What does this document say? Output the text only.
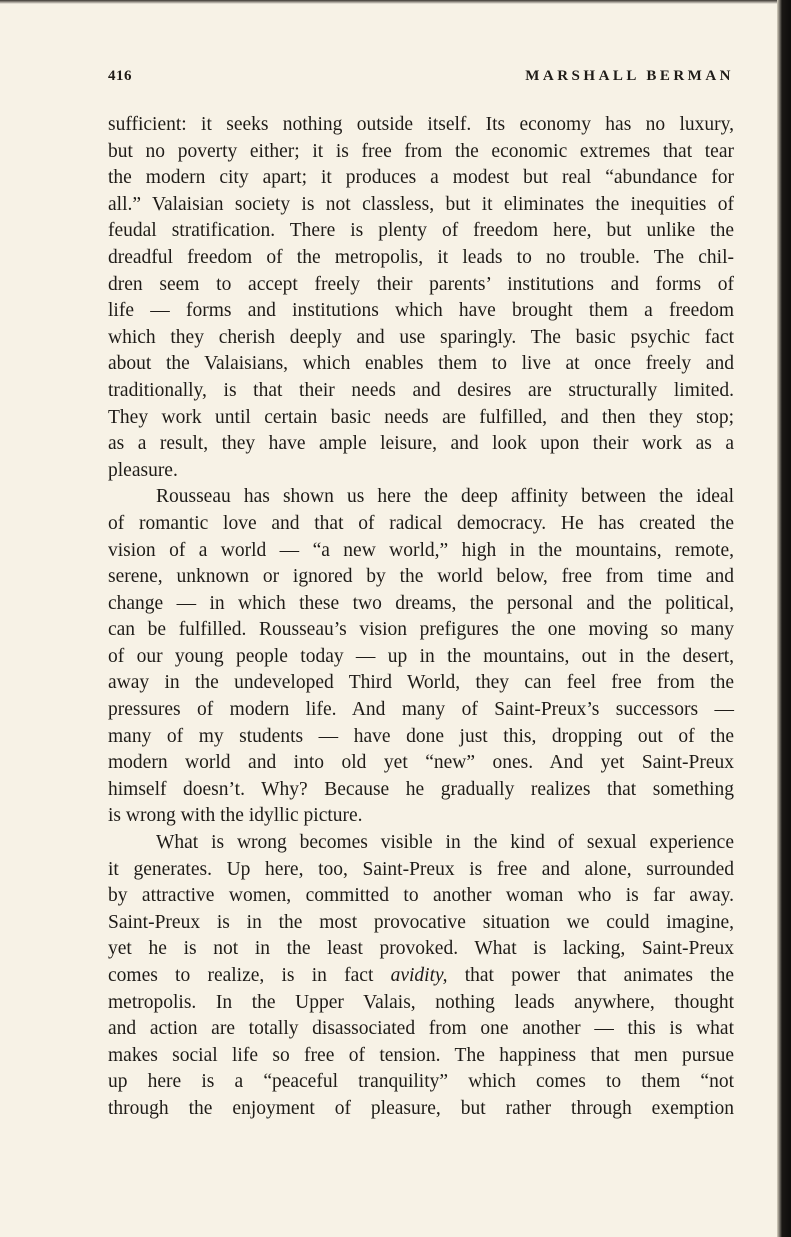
416	MARSHALL BERMAN
sufficient: it seeks nothing outside itself. Its economy has no luxury,
but no poverty either; it is free from the economic extremes that tear
the modern city apart; it produces a modest but real “abundance for
all.” Valaisian society is not classless, but it eliminates the inequities of
feudal stratification. There is plenty of freedom here, but unlike the
dreadful freedom of the metropolis, it leads to no trouble. The chil-
dren seem to accept freely their parents’ institutions and forms of
life — forms and institutions which have brought them a freedom
which they cherish deeply and use sparingly. The basic psychic fact
about the Valaisians, which enables them to live at once freely and
traditionally, is that their needs and desires are structurally limited.
They work until certain basic needs are fulfilled, and then they stop;
as a result, they have ample leisure, and look upon their work as a
pleasure.
Rousseau has shown us here the deep affinity between the ideal
of romantic love and that of radical democracy. He has created the
vision of a world — “a new world,” high in the mountains, remote,
serene, unknown or ignored by the world below, free from time and
change — in which these two dreams, the personal and the political,
can be fulfilled. Rousseau’s vision prefigures the one moving so many
of our young people today — up in the mountains, out in the desert,
away in the undeveloped Third World, they can feel free from the
pressures of modern life. And many of Saint-Preux’s successors —
many of my students — have done just this, dropping out of the
modern world and into old yet “new” ones. And yet Saint-Preux
himself doesn’t. Why? Because he gradually realizes that something
is wrong with the idyllic picture.
What is wrong becomes visible in the kind of sexual experience
it generates. Up here, too, Saint-Preux is free and alone, surrounded
by attractive women, committed to another woman who is far away.
Saint-Preux is in the most provocative situation we could imagine,
yet he is not in the least provoked. What is lacking, Saint-Preux
comes to realize, is in fact avidity, that power that animates the
metropolis. In the Upper Valais, nothing leads anywhere, thought
and action are totally disassociated from one another — this is what
makes social life so free of tension. The happiness that men pursue
up here is a “peaceful tranquility” which comes to them “not
through the enjoyment of pleasure, but rather through exemption
